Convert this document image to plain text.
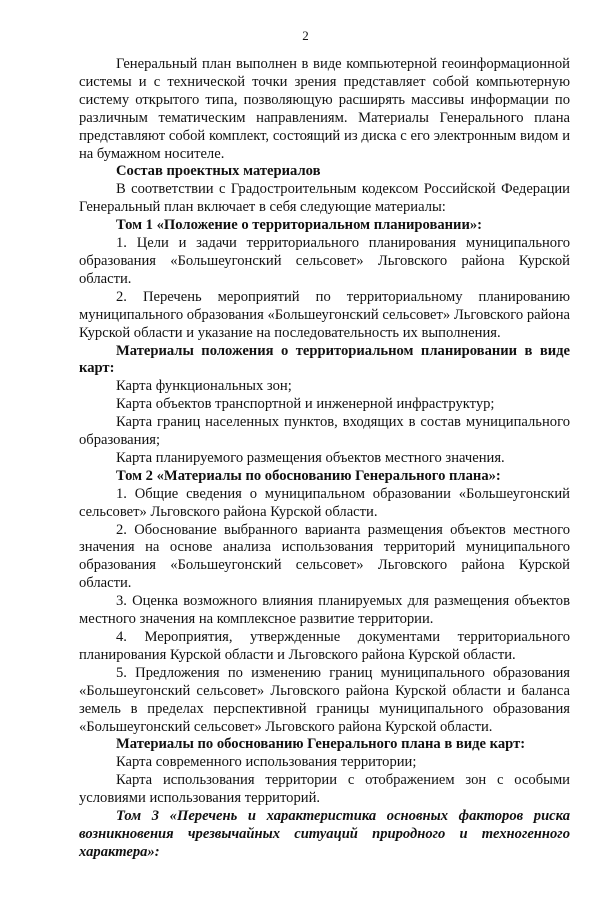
2

Генеральный план выполнен в виде компьютерной геоинформационной системы и с технической точки зрения представляет собой компьютерную систему открытого типа, позволяющую расширять массивы информации по различным тематическим направлениям. Материалы Генерального плана представляют собой комплект, состоящий из диска с его электронным видом и на бумажном носителе.

Состав проектных материалов

В соответствии с Градостроительным кодексом Российской Федерации Генеральный план включает в себя следующие материалы:

Том 1 «Положение о территориальном планировании»:

1. Цели и задачи территориального планирования муниципального образования «Большеугонский сельсовет» Льговского района Курской области.

2. Перечень мероприятий по территориальному планированию муниципального образования «Большеугонский сельсовет» Льговского района Курской области и указание на последовательность их выполнения.

Материалы положения о территориальном планировании в виде карт:

Карта функциональных зон;

Карта объектов транспортной и инженерной инфраструктур;

Карта границ населенных пунктов, входящих в состав муниципального образования;

Карта планируемого размещения объектов местного значения.

Том 2 «Материалы по обоснованию Генерального плана»:

1. Общие сведения о муниципальном образовании «Большеугонский сельсовет» Льговского района Курской области.

2. Обоснование выбранного варианта размещения объектов местного значения на основе анализа использования территорий муниципального образования «Большеугонский сельсовет» Льговского района Курской области.

3. Оценка возможного влияния планируемых для размещения объектов местного значения на комплексное развитие территории.

4. Мероприятия, утвержденные документами территориального планирования Курской области и Льговского района Курской области.

5. Предложения по изменению границ муниципального образования «Большеугонский сельсовет» Льговского района Курской области и баланса земель в пределах перспективной границы муниципального образования «Большеугонский сельсовет» Льговского района Курской области.

Материалы по обоснованию Генерального плана в виде карт:

Карта современного использования территории;

Карта использования территории с отображением зон с особыми условиями использования территорий.

Том 3 «Перечень и характеристика основных факторов риска возникновения чрезвычайных ситуаций природного и техногенного характера»:
